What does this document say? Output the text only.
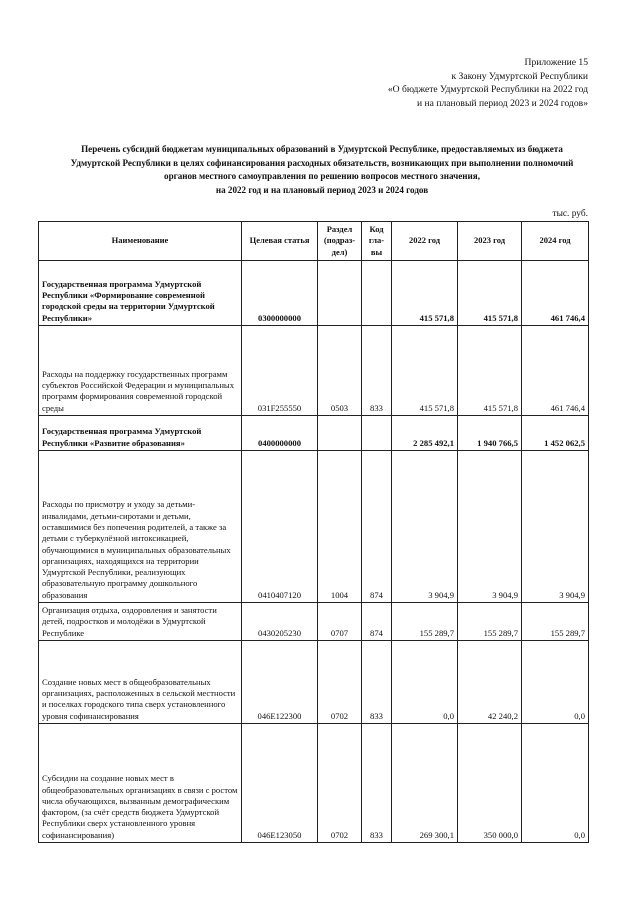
Приложение 15
к Закону Удмуртской Республики
«О бюджете Удмуртской Республики на 2022 год
и на плановый период 2023 и 2024 годов»
Перечень субсидий бюджетам муниципальных образований в Удмуртской Республике, предоставляемых из бюджета
Удмуртской Республики в целях софинансирования расходных обязательств, возникающих при выполнении полномочий
органов местного самоуправления по решению вопросов местного значения,
на 2022 год и на плановый период 2023 и 2024 годов
тыс. руб.
Наименование	Целевая статья	Раздел (подраз-дел)	Код гла-вы	2022 год	2023 год	2024 год
Государственная программа Удмуртской Республики «Формирование современной городской среды на территории Удмуртской Республики»	0300000000			415 571,8	415 571,8	461 746,4
Расходы на поддержку государственных программ субъектов Российской Федерации и муниципальных программ формирования современной городской среды	031F255550	0503	833	415 571,8	415 571,8	461 746,4
Государственная программа Удмуртской Республики «Развитие образования»	0400000000			2 285 492,1	1 940 766,5	1 452 062,5
Расходы по присмотру и уходу за детьми-инвалидами, детьми-сиротами и детьми, оставшимися без попечения родителей, а также за детьми с туберкулёзной интоксикацией, обучающимися в муниципальных образовательных организациях, находящихся на территории Удмуртской Республики, реализующих образовательную программу дошкольного образования	0410407120	1004	874	3 904,9	3 904,9	3 904,9
Организация отдыха, оздоровления и занятости детей, подростков и молодёжи в Удмуртской Республике	0430205230	0707	874	155 289,7	155 289,7	155 289,7
Создание новых мест в общеобразовательных организациях, расположенных в сельской местности и поселках городского типа сверх установленного уровня софинансирования	046E122300	0702	833	0,0	42 240,2	0,0
Субсидии на создание новых мест в общеобразовательных организациях в связи с ростом числа обучающихся, вызванным демографическим фактором, (за счёт средств бюджета Удмуртской Республики сверх установленного уровня софинансирования)	046E123050	0702	833	269 300,1	350 000,0	0,0
